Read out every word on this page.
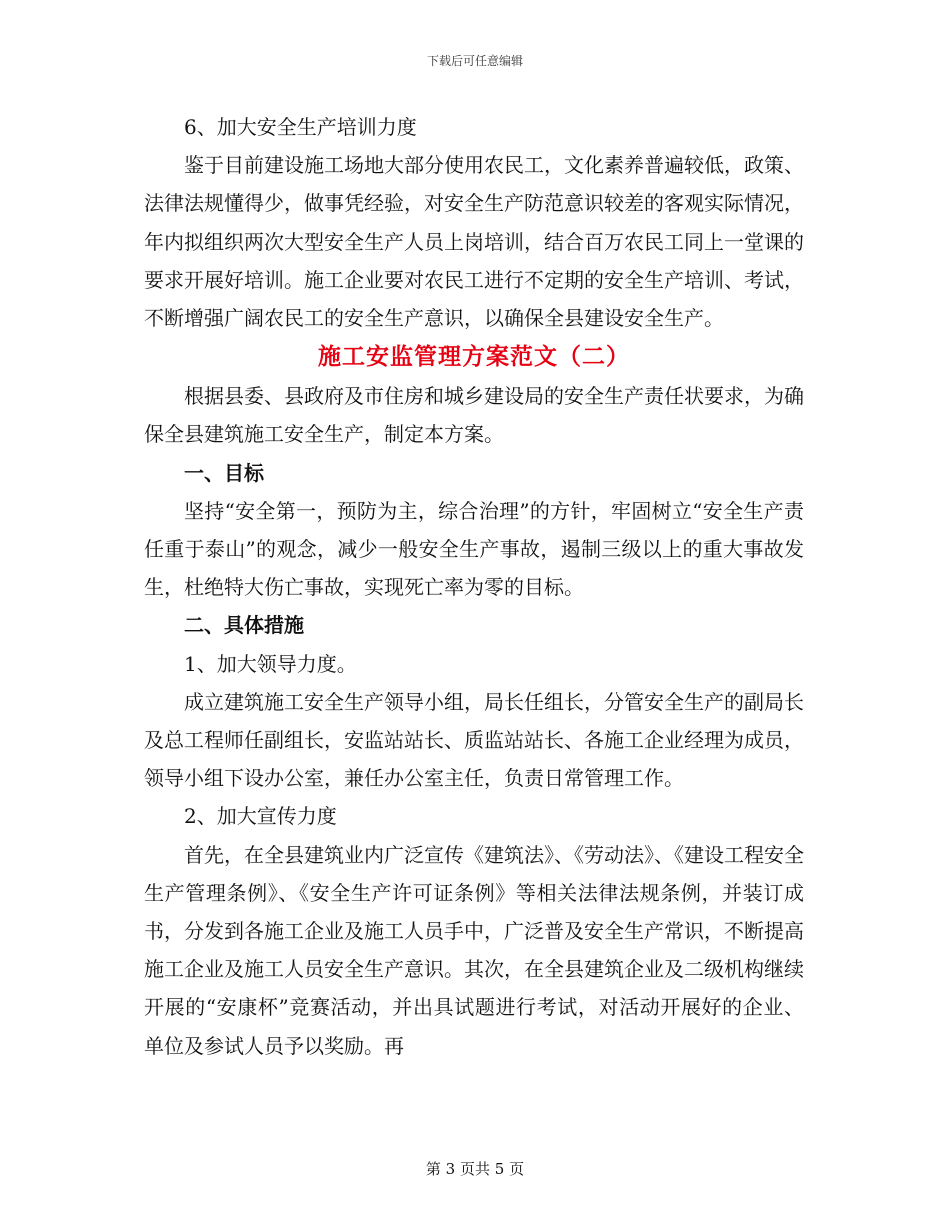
下载后可任意编辑

6、加大安全生产培训力度

鉴于目前建设施工场地大部分使用农民工，文化素养普遍较低，政策、法律法规懂得少，做事凭经验，对安全生产防范意识较差的客观实际情况，年内拟组织两次大型安全生产人员上岗培训，结合百万农民工同上一堂课的要求开展好培训。施工企业要对农民工进行不定期的安全生产培训、考试，不断增强广阔农民工的安全生产意识，以确保全县建设安全生产。

施工安监管理方案范文（二）

根据县委、县政府及市住房和城乡建设局的安全生产责任状要求，为确保全县建筑施工安全生产，制定本方案。

一、目标

坚持“安全第一，预防为主，综合治理”的方针，牢固树立“安全生产责任重于泰山”的观念，减少一般安全生产事故，遏制三级以上的重大事故发生，杜绝特大伤亡事故，实现死亡率为零的目标。

二、具体措施

1、加大领导力度。

成立建筑施工安全生产领导小组，局长任组长，分管安全生产的副局长及总工程师任副组长，安监站站长、质监站站长、各施工企业经理为成员，领导小组下设办公室，兼任办公室主任，负责日常管理工作。

2、加大宣传力度

首先，在全县建筑业内广泛宣传《建筑法》、《劳动法》、《建设工程安全生产管理条例》、《安全生产许可证条例》等相关法律法规条例，并装订成书，分发到各施工企业及施工人员手中，广泛普及安全生产常识，不断提高施工企业及施工人员安全生产意识。其次，在全县建筑企业及二级机构继续开展的“安康杯”竞赛活动，并出具试题进行考试，对活动开展好的企业、单位及参试人员予以奖励。再

第 3 页共 5 页
